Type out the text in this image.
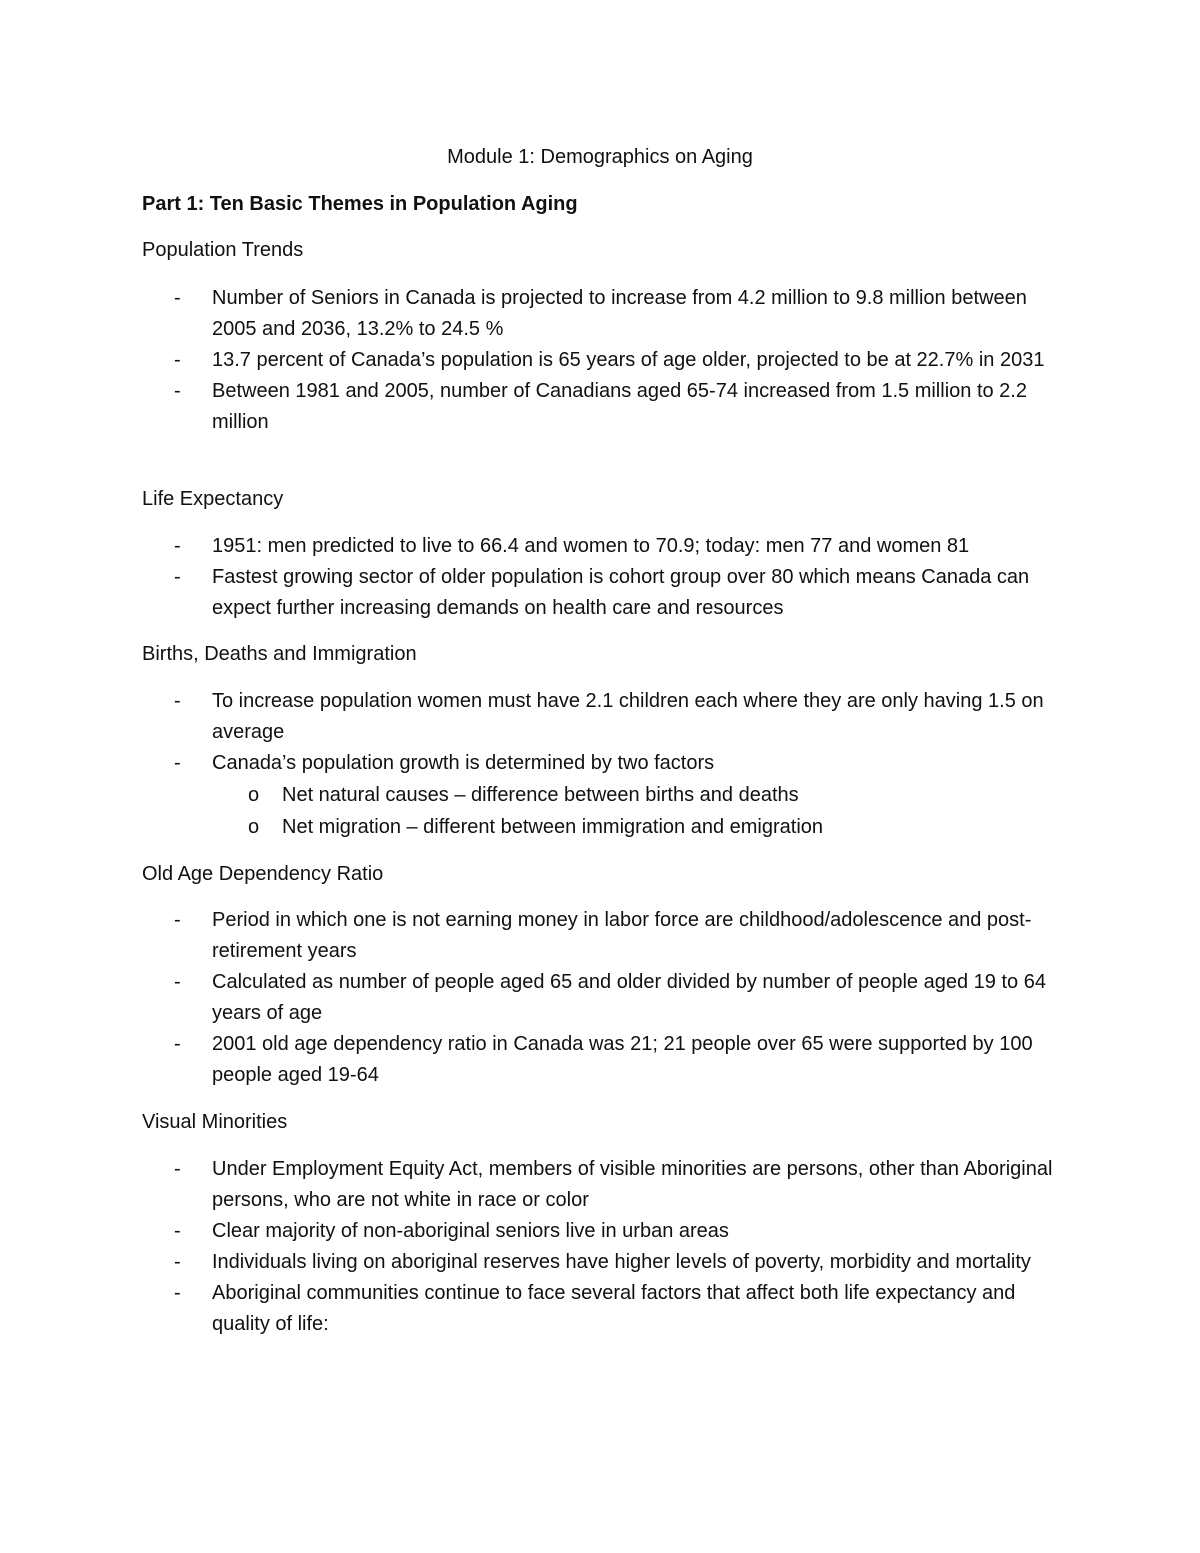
Module 1: Demographics on Aging
Part 1: Ten Basic Themes in Population Aging
Population Trends
- Number of Seniors in Canada is projected to increase from 4.2 million to 9.8 million between 2005 and 2036, 13.2% to 24.5 %
- 13.7 percent of Canada’s population is 65 years of age older, projected to be at 22.7% in 2031
- Between 1981 and 2005, number of Canadians aged 65-74 increased from 1.5 million to 2.2 million
Life Expectancy
- 1951: men predicted to live to 66.4 and women to 70.9; today: men 77 and women 81
- Fastest growing sector of older population is cohort group over 80 which means Canada can expect further increasing demands on health care and resources
Births, Deaths and Immigration
- To increase population women must have 2.1 children each where they are only having 1.5 on average
- Canada’s population growth is determined by two factors
o Net natural causes – difference between births and deaths
o Net migration – different between immigration and emigration
Old Age Dependency Ratio
- Period in which one is not earning money in labor force are childhood/adolescence and post-retirement years
- Calculated as number of people aged 65 and older divided by number of people aged 19 to 64 years of age
- 2001 old age dependency ratio in Canada was 21; 21 people over 65 were supported by 100 people aged 19-64
Visual Minorities
- Under Employment Equity Act, members of visible minorities are persons, other than Aboriginal persons, who are not white in race or color
- Clear majority of non-aboriginal seniors live in urban areas
- Individuals living on aboriginal reserves have higher levels of poverty, morbidity and mortality
- Aboriginal communities continue to face several factors that affect both life expectancy and quality of life:
